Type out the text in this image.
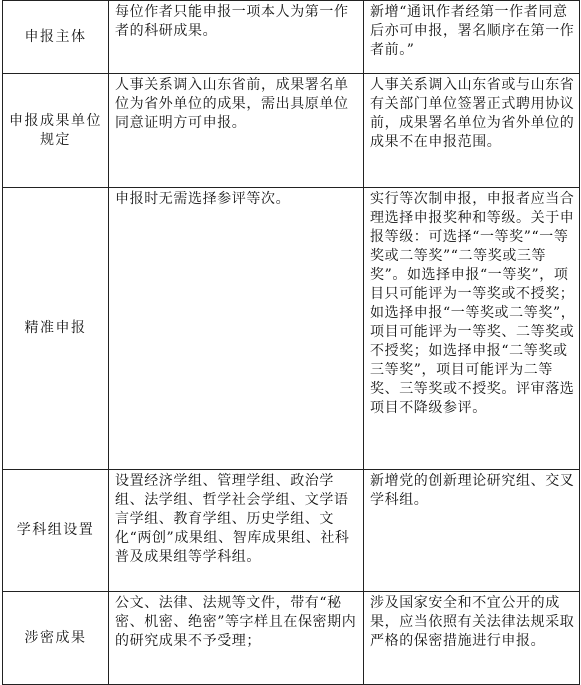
申报主体	每位作者只能申报一项本人为第一作者的科研成果。	新增“通讯作者经第一作者同意后亦可申报，署名顺序在第一作者前。”
申报成果单位规定	人事关系调入山东省前，成果署名单位为省外单位的成果，需出具原单位同意证明方可申报。	人事关系调入山东省或与山东省有关部门单位签署正式聘用协议前，成果署名单位为省外单位的成果不在申报范围。
精准申报	申报时无需选择参评等次。	实行等次制申报，申报者应当合理选择申报奖种和等级。关于申报等级：可选择“一等奖”“一等奖或二等奖”“二等奖或三等奖”。如选择申报“一等奖”，项目只可能评为一等奖或不授奖；如选择申报“一等奖或二等奖”，项目可能评为一等奖、二等奖或不授奖；如选择申报“二等奖或三等奖”，项目可能评为二等奖、三等奖或不授奖。评审落选项目不降级参评。
学科组设置	设置经济学组、管理学组、政治学组、法学组、哲学社会学组、文学语言学组、教育学组、历史学组、文化“两创”成果组、智库成果组、社科普及成果组等学科组。	新增党的创新理论研究组、交叉学科组。
涉密成果	公文、法律、法规等文件，带有“秘密、机密、绝密”等字样且在保密期内的研究成果不予受理；	涉及国家安全和不宜公开的成果，应当依照有关法律法规采取严格的保密措施进行申报。
